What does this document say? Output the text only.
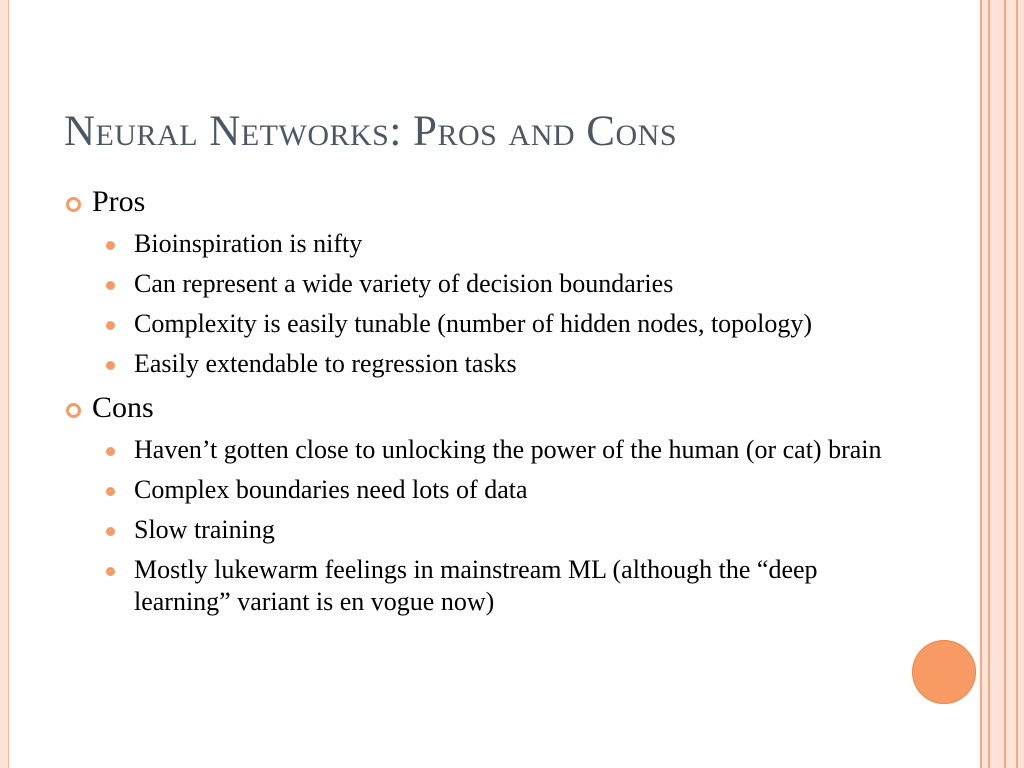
Neural Networks: Pros and Cons
Pros
Bioinspiration is nifty
Can represent a wide variety of decision boundaries
Complexity is easily tunable (number of hidden nodes, topology)
Easily extendable to regression tasks
Cons
Haven’t gotten close to unlocking the power of the human (or cat) brain
Complex boundaries need lots of data
Slow training
Mostly lukewarm feelings in mainstream ML (although the “deep learning” variant is en vogue now)
